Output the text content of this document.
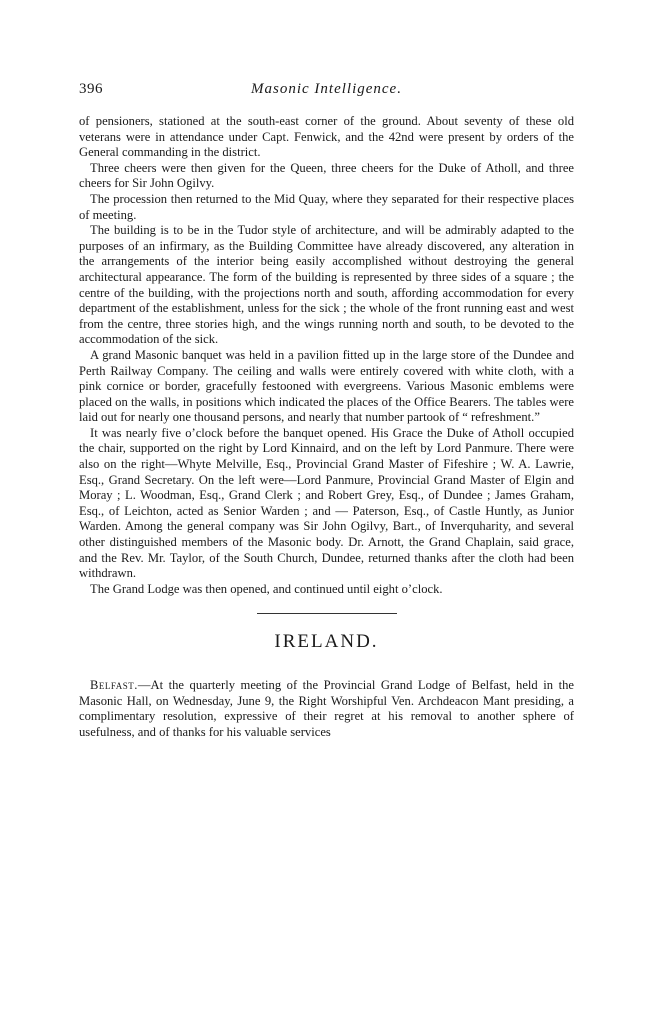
396	Masonic Intelligence.

of pensioners, stationed at the south-east corner of the ground. About seventy of these old veterans were in attendance under Capt. Fenwick, and the 42nd were present by orders of the General commanding in the district.

Three cheers were then given for the Queen, three cheers for the Duke of Atholl, and three cheers for Sir John Ogilvy.

The procession then returned to the Mid Quay, where they separated for their respective places of meeting.

The building is to be in the Tudor style of architecture, and will be admirably adapted to the purposes of an infirmary, as the Building Committee have already discovered, any alteration in the arrangements of the interior being easily accomplished without destroying the general architectural appearance. The form of the building is represented by three sides of a square ; the centre of the building, with the projections north and south, affording accommodation for every department of the establishment, unless for the sick ; the whole of the front running east and west from the centre, three stories high, and the wings running north and south, to be devoted to the accommodation of the sick.

A grand Masonic banquet was held in a pavilion fitted up in the large store of the Dundee and Perth Railway Company. The ceiling and walls were entirely covered with white cloth, with a pink cornice or border, gracefully festooned with evergreens. Various Masonic emblems were placed on the walls, in positions which indicated the places of the Office Bearers. The tables were laid out for nearly one thousand persons, and nearly that number partook of “ refreshment.”

It was nearly five o’clock before the banquet opened. His Grace the Duke of Atholl occupied the chair, supported on the right by Lord Kinnaird, and on the left by Lord Panmure. There were also on the right—Whyte Melville, Esq., Provincial Grand Master of Fifeshire ; W. A. Lawrie, Esq., Grand Secretary. On the left were—Lord Panmure, Provincial Grand Master of Elgin and Moray ; L. Woodman, Esq., Grand Clerk ; and Robert Grey, Esq., of Dundee ; James Graham, Esq., of Leichton, acted as Senior Warden ; and — Paterson, Esq., of Castle Huntly, as Junior Warden. Among the general company was Sir John Ogilvy, Bart., of Inverquharity, and several other distinguished members of the Masonic body. Dr. Arnott, the Grand Chaplain, said grace, and the Rev. Mr. Taylor, of the South Church, Dundee, returned thanks after the cloth had been withdrawn.

The Grand Lodge was then opened, and continued until eight o’clock.

IRELAND.

Belfast.—At the quarterly meeting of the Provincial Grand Lodge of Belfast, held in the Masonic Hall, on Wednesday, June 9, the Right Worshipful Ven. Archdeacon Mant presiding, a complimentary resolution, expressive of their regret at his removal to another sphere of usefulness, and of thanks for his valuable services
